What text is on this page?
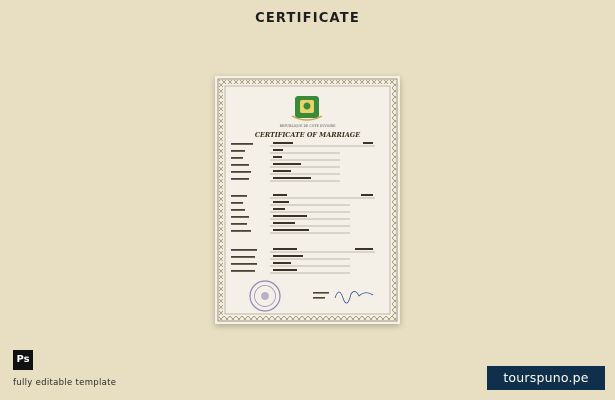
CERTIFICATE
REPUBLIQUE DE COTE D'IVOIRE
CERTIFICATE OF MARRIAGE
Ps
fully editable template	tourspuno.pe
